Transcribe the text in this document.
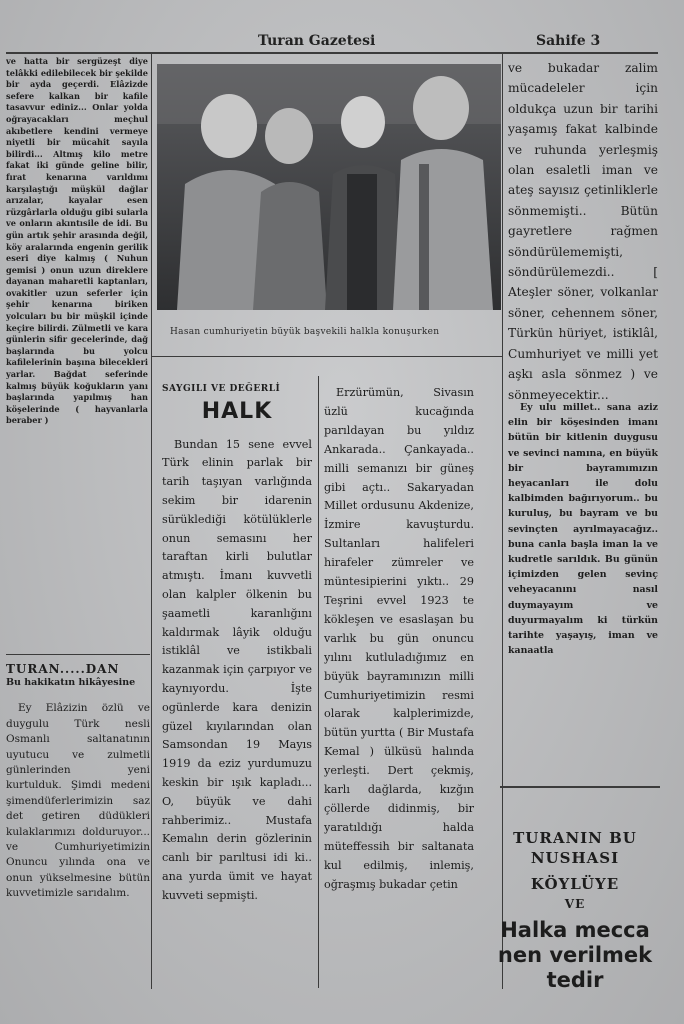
Turan Gazetesi	Sahife 3

ve hatta bir sergüzeşt diye telâkki edilebilecek bir şekilde bir ayda geçerdi. Elâzizde sefere kalkan bir kafile tasavvur ediniz... Onlar yolda oğrayacakları meçhul akıbetlere kendini vermeye niyetli bir mücahit sayıla bilirdi... Altmış kilo metre fakat iki günde geline bilir, fırat kenarına varıldımı karşılaştığı müşkül dağlar arızalar, kayalar esen rüzgârlarla olduğu gibi sularla ve onların akıntısile de idi. Bu gün artık şehir arasında değil, köy aralarında engenin gerilik eseri diye kalmış ( Nuhun gemisi ) onun uzun direklere dayanan maharetli kaptanları, ovakitler uzun seferler için şehir kenarına biriken yolcuları bu bir müşkil içinde keçire bilirdi. Zülmetli ve kara günlerin sifir gecelerinde, dağ başlarında bu yolcu kafilelerinin başına bilecekleri yarlar. Bağdat seferinde kalmış büyük koğukların yanı başlarında yapılmış han köşelerinde ( hayvanlarla beraber )

TURAN.....DAN

Bu hakikatın hikâyesine

Ey Elâzizin özlü ve duygulu Türk nesli Osmanlı saltanatının uyutucu ve zulmetli günlerinden yeni kurtulduk. Şimdi medeni şimendüferlerimizin saz det getiren düdükleri kulaklarımızı dolduruyor... ve Cumhuriyetimizin Onuncu yılında ona ve onun yükselmesine bütün kuvvetimizle sarıdalım.

Hasan cumhuriyetin büyük başvekili halkla konuşurken

SAYGILI VE DEĞERLİ

HALK

Bundan 15 sene evvel Türk elinin parlak bir tarih taşıyan varlığında sekim bir idarenin sürüklediği kötülüklerle onun semasını her taraftan kirli bulutlar atmıştı. İmanı kuvvetli olan kalpler ölkenin bu şaametli karanlığını kaldırmak lâyik olduğu istiklâl ve istikbali kazanmak için çarpıyor ve kaynıyordu. İşte ogünlerde kara denizin güzel kıyılarından olan Samsondan 19 Mayıs 1919 da eziz yurdumuzu keskin bir ışık kapladı... O, büyük ve dahi rahberimiz.. Mustafa Kemalın derin gözlerinin canlı bir parıltusi idi ki.. ana yurda ümit ve hayat kuvveti sepmişti.

Erzürümün, Sivasın üzlü kucağında parıldayan bu yıldız Ankarada.. Çankayada.. milli semanızı bir güneş gibi açtı.. Sakaryadan Millet ordusunu Akdenize, İzmire kavuşturdu. Sultanları halifeleri hirafeler zümreler ve müntesipierini yıktı.. 29 Teşrini evvel 1923 te kökleşen ve esaslaşan bu varlık bu gün onuncu yılını kutluladığımız en büyük bayramınızın milli Cumhuriyetimizin resmi olarak kalplerimizde, bütün yurtta ( Bir Mustafa Kemal ) ülküsü halında yerleşti. Dert çekmiş, karlı dağlarda, kızğın çöllerde didinmiş, bir yaratıldığı halda müteffessih bir saltanata kul edilmiş, inlemiş, oğraşmış bukadar çetin

ve bukadar zalim mücadeleler için oldukça uzun bir tarihi yaşamış fakat kalbinde ve ruhunda yerleşmiş olan esaletli iman ve ateş sayısız çetinliklerle sönmemişti.. Bütün gayretlere rağmen söndürülememişti, söndürülemezdi.. [ Ateşler söner, volkanlar söner, cehennem söner, Türkün hüriyet, istiklâl, Cumhuriyet ve milli yet aşkı asla sönmez ) ve sönmeyecektir...

Ey ulu millet.. sana aziz elin bir köşesinden imanı bütün bir kitlenin duygusu ve sevinci namına, en büyük bir bayramımızın heyacanları ile dolu kalbimden bağırıyorum.. bu kuruluş, bu bayram ve bu sevinçten ayrılmayacağız.. buna canla başla iman la ve kudretle sarıldık. Bu günün içimizden gelen sevinç veheyacanını nasıl duymayayım ve duyurmayalım ki türkün tarihte yaşayış, iman ve kanaatla

TURANIN BU
NUSHASI
KÖYLÜYE
VE
Halka mecca
nen verilmek
tedir
